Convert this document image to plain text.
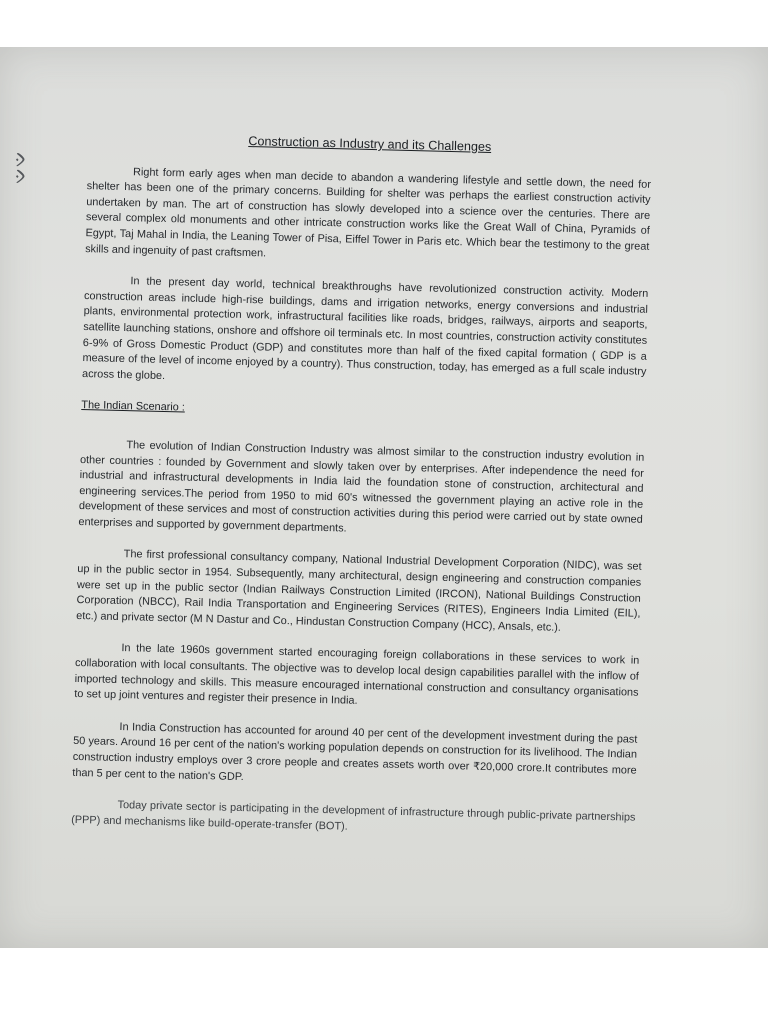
ᨊᨊ
Construction as Industry and its Challenges

Right form early ages when man decide to abandon a wandering lifestyle and settle down, the need for shelter has been one of the primary concerns. Building for shelter was perhaps the earliest construction activity undertaken by man. The art of construction has slowly developed into a science over the centuries. There are several complex old monuments and other intricate construction works like the Great Wall of China, Pyramids of Egypt, Taj Mahal in India, the Leaning Tower of Pisa, Eiffel Tower in Paris etc. Which bear the testimony to the great skills and ingenuity of past craftsmen.

In the present day world, technical breakthroughs have revolutionized construction activity. Modern construction areas include high-rise buildings, dams and irrigation networks, energy conversions and industrial plants, environmental protection work, infrastructural facilities like roads, bridges, railways, airports and seaports, satellite launching stations, onshore and offshore oil terminals etc. In most countries, construction activity constitutes 6-9% of Gross Domestic Product (GDP) and constitutes more than half of the fixed capital formation ( GDP is a measure of the level of income enjoyed by a country). Thus construction, today, has emerged as a full scale industry across the globe.

The Indian Scenario :

The evolution of Indian Construction Industry was almost similar to the construction industry evolution in other countries : founded by Government and slowly taken over by enterprises. After independence the need for industrial and infrastructural developments in India laid the foundation stone of construction, architectural and engineering services.The period from 1950 to mid 60's witnessed the government playing an active role in the development of these services and most of construction activities during this period were carried out by state owned enterprises and supported by government departments.

The first professional consultancy company, National Industrial Development Corporation (NIDC), was set up in the public sector in 1954. Subsequently, many architectural, design engineering and construction companies were set up in the public sector (Indian Railways Construction Limited (IRCON), National Buildings Construction Corporation (NBCC), Rail India Transportation and Engineering Services (RITES), Engineers India Limited (EIL), etc.) and private sector (M N Dastur and Co., Hindustan Construction Company (HCC), Ansals, etc.).

In the late 1960s government started encouraging foreign collaborations in these services to work in collaboration with local consultants. The objective was to develop local design capabilities parallel with the inflow of imported technology and skills. This measure encouraged international construction and consultancy organisations to set up joint ventures and register their presence in India.

In India Construction has accounted for around 40 per cent of the development investment during the past 50 years. Around 16 per cent of the nation's working population depends on construction for its livelihood. The Indian construction industry employs over 3 crore people and creates assets worth over ₹20,000 crore.It contributes more than 5 per cent to the nation's GDP.

Today private sector is participating in the development of infrastructure through public-private partnerships (PPP) and mechanisms like build-operate-transfer (BOT).
